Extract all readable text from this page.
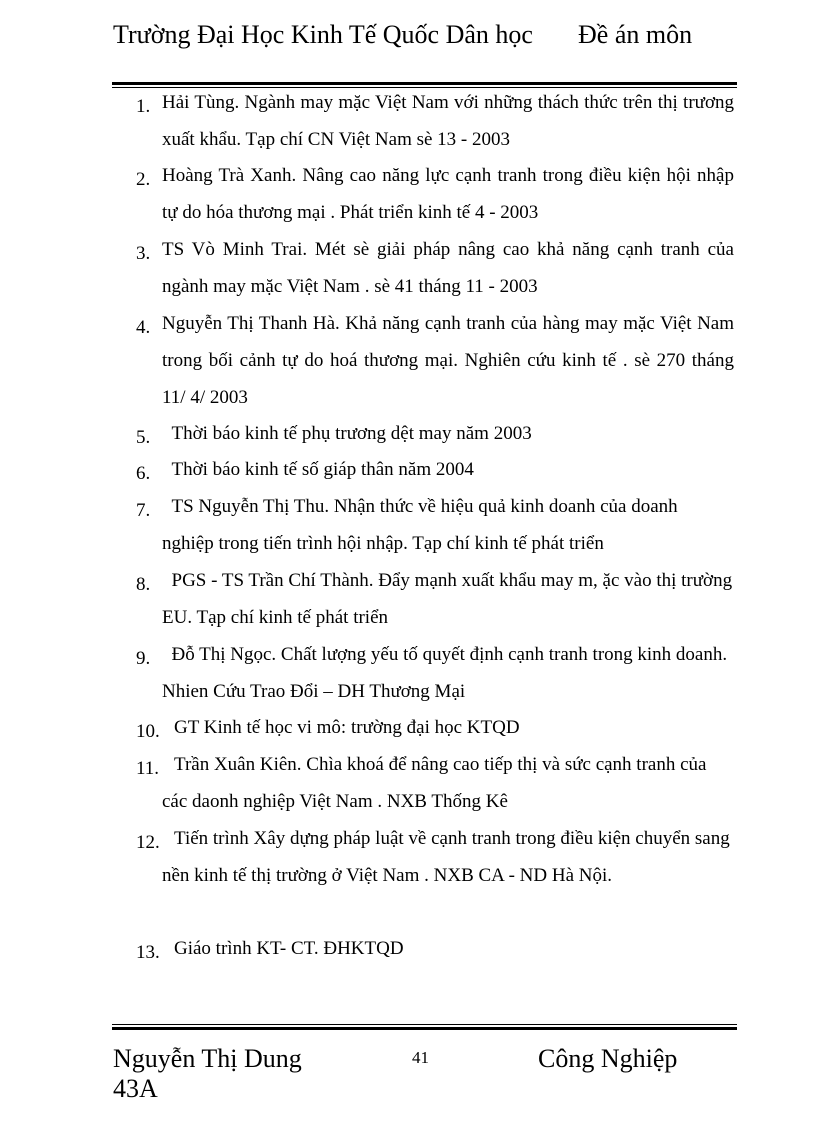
Trường Đại Học Kinh Tế Quốc Dân học Đề án môn
1. Hải Tùng. Ngành may mặc Việt Nam với những thách thức trên thị trương xuất khẩu. Tạp chí CN Việt Nam sè 13 - 2003
2. Hoàng Trà Xanh. Nâng cao năng lực cạnh tranh trong điều kiện hội nhập tự do hóa thương mại . Phát triển kinh tế 4 - 2003
3. TS Vò Minh Trai. Mét sè giải pháp nâng cao khả năng cạnh tranh của ngành may mặc Việt Nam . sè 41 tháng 11 - 2003
4. Nguyễn Thị Thanh Hà. Khả năng cạnh tranh của hàng may mặc Việt Nam trong bối cảnh tự do hoá thương mại. Nghiên cứu kinh tế . sè 270 tháng 11/ 4/ 2003
5. Thời báo kinh tế phụ trương dệt may năm 2003
6. Thời báo kinh tế số giáp thân năm 2004
7. TS Nguyễn Thị Thu. Nhận thức về hiệu quả kinh doanh của doanh nghiệp trong tiến trình hội nhập. Tạp chí kinh tế phát triển
8. PGS - TS Trần Chí Thành. Đẩy mạnh xuất khẩu may m, ặc vào thị trường EU. Tạp chí kinh tế phát triển
9. Đỗ Thị Ngọc. Chất lượng yếu tố quyết định cạnh tranh trong kinh doanh. Nhien Cứu Trao Đổi – DH Thương Mại
10. GT Kinh tế học vi mô: trường đại học KTQD
11. Trần Xuân Kiên. Chìa khoá để nâng cao tiếp thị và sức cạnh tranh của các daonh nghiệp Việt Nam . NXB Thống Kê
12. Tiến trình Xây dựng pháp luật về cạnh tranh trong điều kiện chuyển sang nền kinh tế thị trường ở Việt Nam . NXB CA - ND Hà Nội.
13. Giáo trình KT- CT. ĐHKTQD
Nguyễn Thị Dung 43A
41	Công Nghiệp
